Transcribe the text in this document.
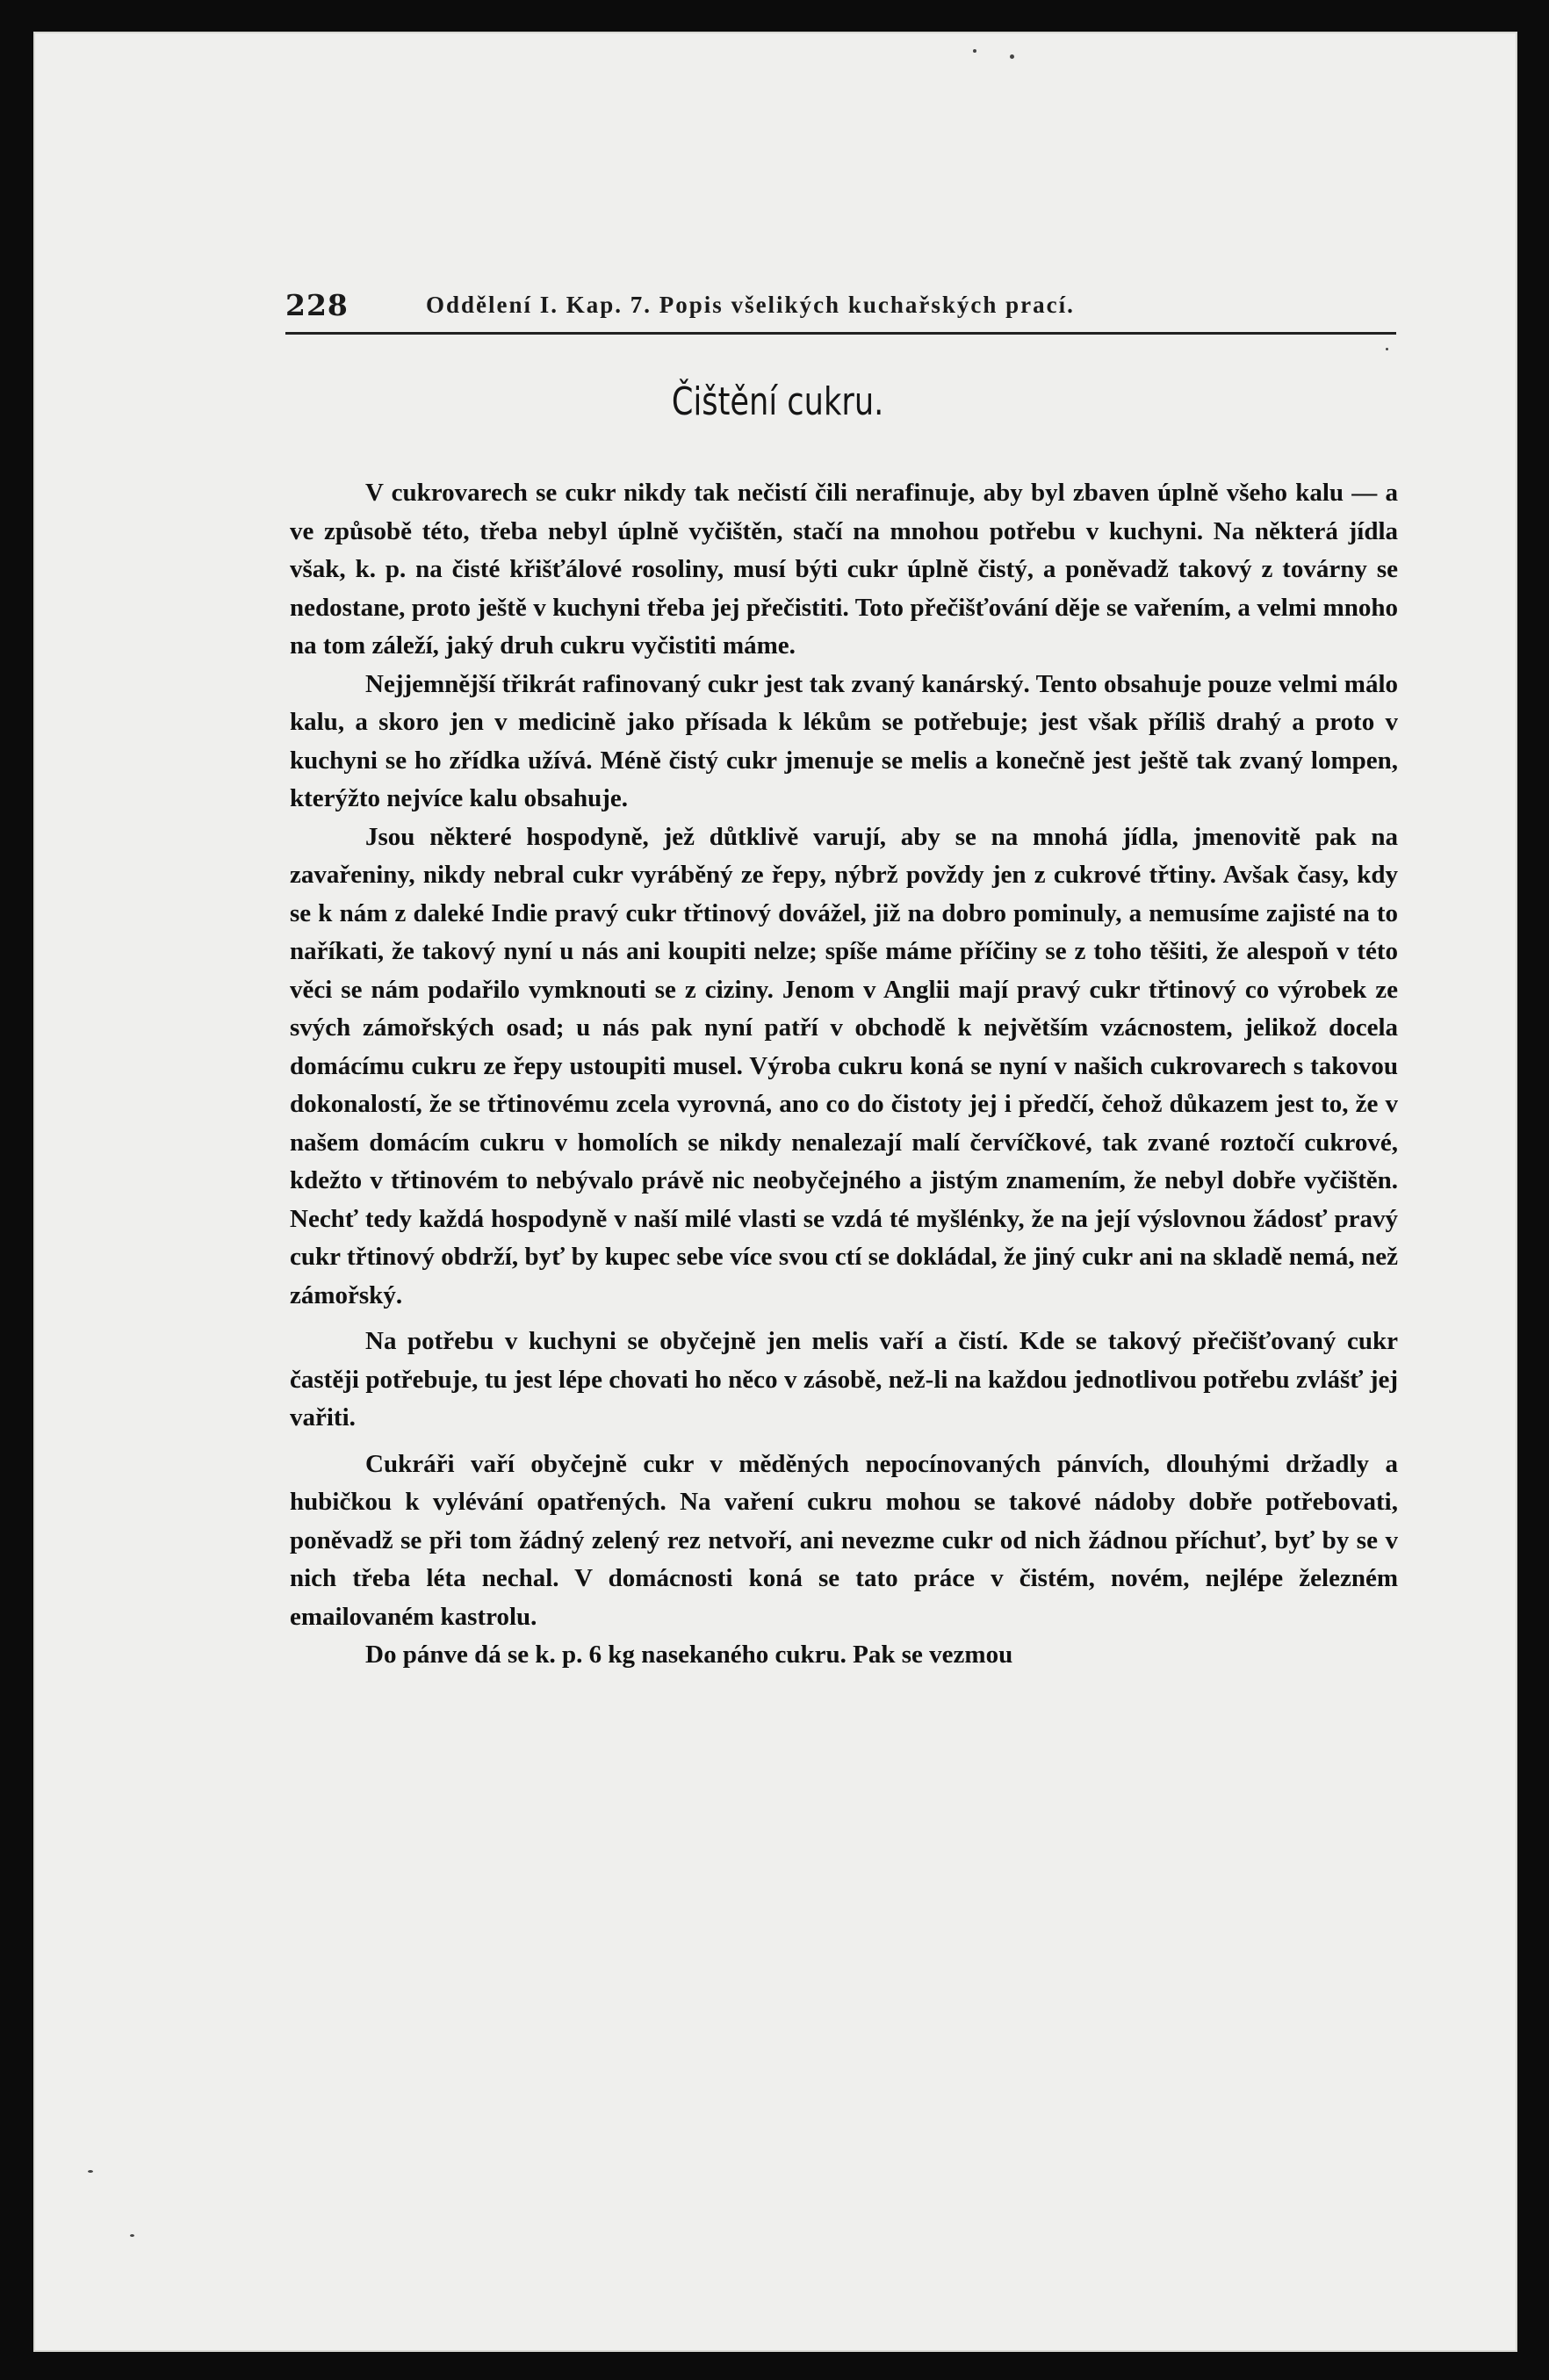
228	Oddělení I. Kap. 7. Popis všelikých kuchařských prací.
Čištění cukru.

V cukrovarech se cukr nikdy tak nečistí čili nerafinuje, aby byl zbaven úplně všeho kalu — a ve způsobě této, třeba nebyl úplně vyčištěn, stačí na mnohou potřebu v kuchyni. Na některá jídla však, k. p. na čisté křišťálové rosoliny, musí býti cukr úplně čistý, a poněvadž takový z továrny se nedostane, proto ještě v kuchyni třeba jej přečistiti. Toto přečišťování děje se vařením, a velmi mnoho na tom záleží, jaký druh cukru vyčistiti máme.

Nejjemnější třikrát rafinovaný cukr jest tak zvaný kanárský. Tento obsahuje pouze velmi málo kalu, a skoro jen v medicině jako přísada k lékům se potřebuje; jest však příliš drahý a proto v kuchyni se ho zřídka užívá. Méně čistý cukr jmenuje se melis a konečně jest ještě tak zvaný lompen, kterýžto nejvíce kalu obsahuje.

Jsou některé hospodyně, jež důtklivě varují, aby se na mnohá jídla, jmenovitě pak na zavařeniny, nikdy nebral cukr vyráběný ze řepy, nýbrž povždy jen z cukrové třtiny. Avšak časy, kdy se k nám z daleké Indie pravý cukr třtinový dovážel, již na dobro pominuly, a nemusíme zajisté na to naříkati, že takový nyní u nás ani koupiti nelze; spíše máme příčiny se z toho těšiti, že alespoň v této věci se nám podařilo vymknouti se z ciziny. Jenom v Anglii mají pravý cukr třtinový co výrobek ze svých zámořských osad; u nás pak nyní patří v obchodě k největším vzácnostem, jelikož docela domácímu cukru ze řepy ustoupiti musel. Výroba cukru koná se nyní v našich cukrovarech s takovou dokonalostí, že se třtinovému zcela vyrovná, ano co do čistoty jej i předčí, čehož důkazem jest to, že v našem domácím cukru v homolích se nikdy nenalezají malí červíčkové, tak zvané roztočí cukrové, kdežto v třtinovém to nebývalo právě nic neobyčejného a jistým znamením, že nebyl dobře vyčištěn. Nechť tedy každá hospodyně v naší milé vlasti se vzdá té myšlénky, že na její výslovnou žádosť pravý cukr třtinový obdrží, byť by kupec sebe více svou ctí se dokládal, že jiný cukr ani na skladě nemá, než zámořský.

Na potřebu v kuchyni se obyčejně jen melis vaří a čistí. Kde se takový přečišťovaný cukr častěji potřebuje, tu jest lépe chovati ho něco v zásobě, než-li na každou jednotlivou potřebu zvlášť jej vařiti.

Cukráři vaří obyčejně cukr v měděných nepocínovaných pánvích, dlouhými držadly a hubičkou k vylévání opatřených. Na vaření cukru mohou se takové nádoby dobře potřebovati, poněvadž se při tom žádný zelený rez netvoří, ani nevezme cukr od nich žádnou příchuť, byť by se v nich třeba léta nechal. V domácnosti koná se tato práce v čistém, novém, nejlépe železném emailovaném kastrolu.

Do pánve dá se k. p. 6 kg nasekaného cukru. Pak se vezmou
